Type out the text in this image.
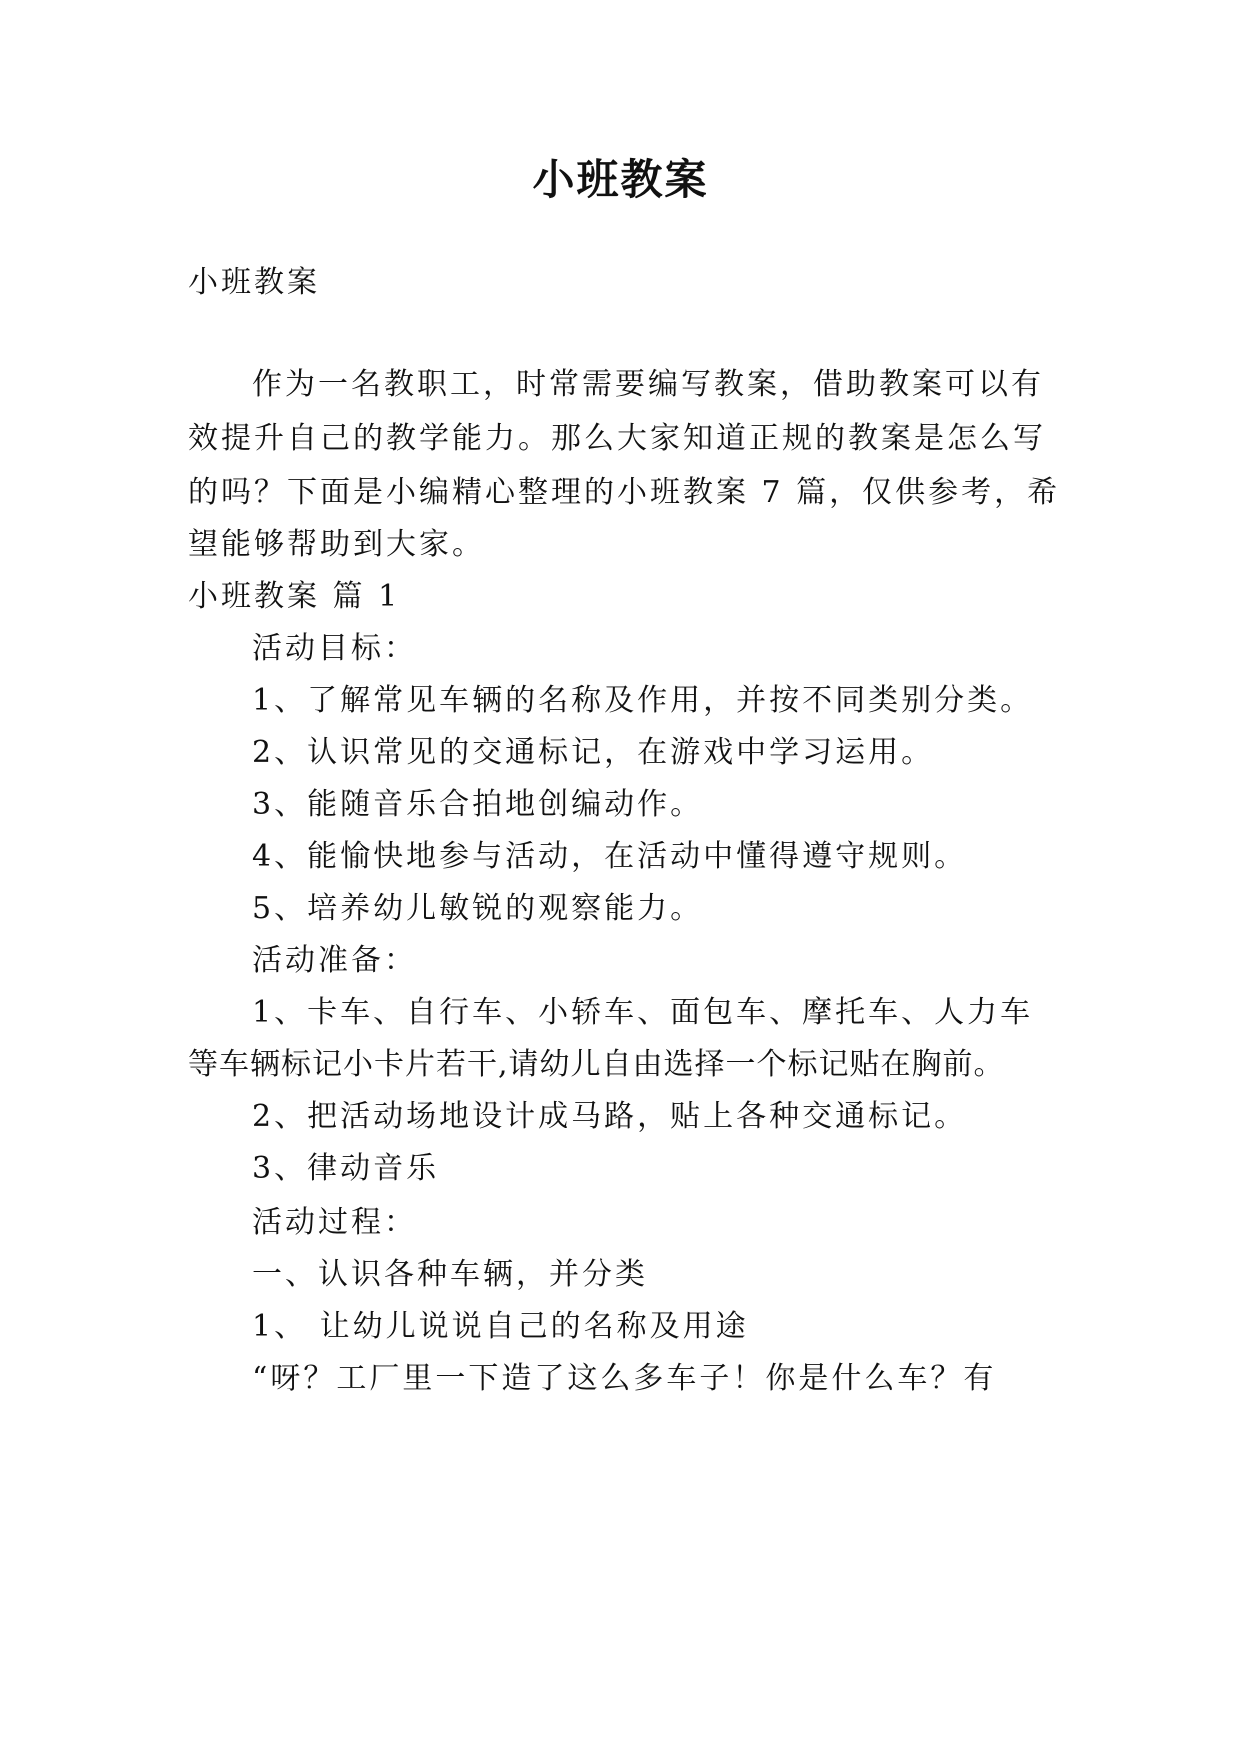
小班教案
小班教案
作为一名教职工，时常需要编写教案，借助教案可以有
效提升自己的教学能力。那么大家知道正规的教案是怎么写
的吗？下面是小编精心整理的小班教案 7 篇，仅供参考，希
望能够帮助到大家。
小班教案 篇 1
活动目标：
1、了解常见车辆的名称及作用，并按不同类别分类。
2、认识常见的交通标记，在游戏中学习运用。
3、能随音乐合拍地创编动作。
4、能愉快地参与活动，在活动中懂得遵守规则。
5、培养幼儿敏锐的观察能力。
活动准备：
1、卡车、自行车、小轿车、面包车、摩托车、人力车
等车辆标记小卡片若干,请幼儿自由选择一个标记贴在胸前。
2、把活动场地设计成马路，贴上各种交通标记。
3、律动音乐
活动过程：
一、认识各种车辆，并分类
1、 让幼儿说说自己的名称及用途
“呀？工厂里一下造了这么多车子！你是什么车？有
